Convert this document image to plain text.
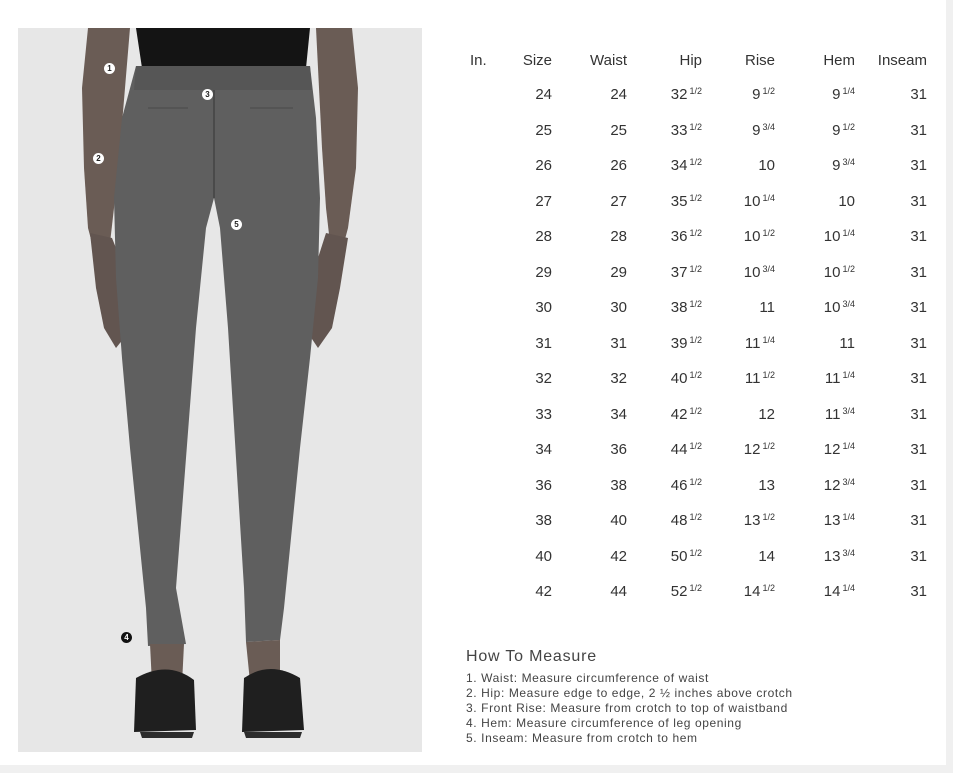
1
2
3
4
5
In.	Size	Waist	Hip	Rise	Hem	Inseam
	24	24	32 $^{1/2}$	9 $^{1/2}$	9 $^{1/4}$	31
	25	25	33 $^{1/2}$	9 $^{3/4}$	9 $^{1/2}$	31
	26	26	34 $^{1/2}$	10	9 $^{3/4}$	31
	27	27	35 $^{1/2}$	10 $^{1/4}$	10	31
	28	28	36 $^{1/2}$	10 $^{1/2}$	10 $^{1/4}$	31
	29	29	37 $^{1/2}$	10 $^{3/4}$	10 $^{1/2}$	31
	30	30	38 $^{1/2}$	11	10 $^{3/4}$	31
	31	31	39 $^{1/2}$	11 $^{1/4}$	11	31
	32	32	40 $^{1/2}$	11 $^{1/2}$	11 $^{1/4}$	31
	33	34	42 $^{1/2}$	12	11 $^{3/4}$	31
	34	36	44 $^{1/2}$	12 $^{1/2}$	12 $^{1/4}$	31
	36	38	46 $^{1/2}$	13	12 $^{3/4}$	31
	38	40	48 $^{1/2}$	13 $^{1/2}$	13 $^{1/4}$	31
	40	42	50 $^{1/2}$	14	13 $^{3/4}$	31
	42	44	52 $^{1/2}$	14 $^{1/2}$	14 $^{1/4}$	31
How To Measure
1. Waist: Measure circumference of waist
2. Hip: Measure edge to edge, 2 ½ inches above crotch
3. Front Rise: Measure from crotch to top of waistband
4. Hem: Measure circumference of leg opening
5. Inseam: Measure from crotch to hem
